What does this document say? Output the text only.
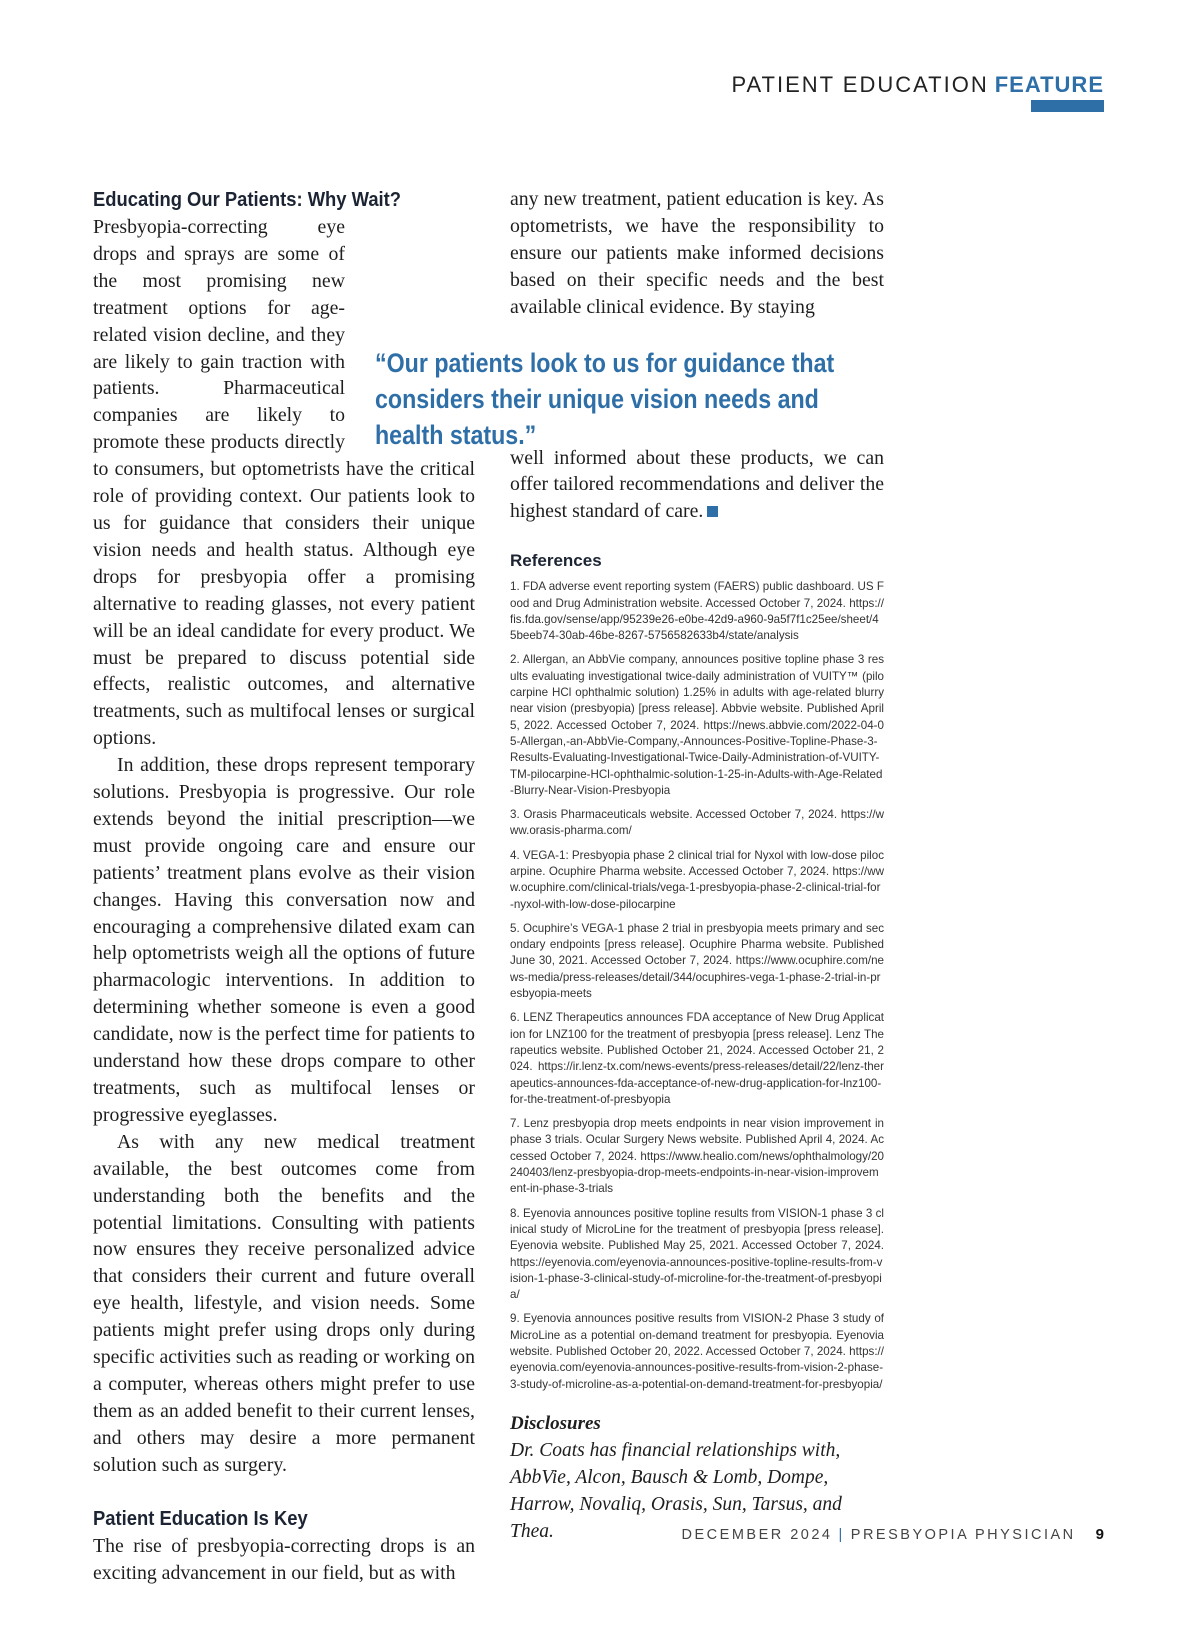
PATIENT EDUCATION FEATURE
Educating Our Patients: Why Wait?

Presbyopia-correcting eye drops and sprays are some of the most promising new treatment options for age-related vision decline, and they are likely to gain traction with patients. Pharmaceutical companies are likely to promote these products directly to consumers, but optometrists have the critical role of providing context. Our patients look to us for guidance that considers their unique vision needs and health status. Although eye drops for presbyopia offer a promising alternative to reading glasses, not every patient will be an ideal candidate for every product. We must be prepared to discuss potential side effects, realistic outcomes, and alternative treatments, such as multifocal lenses or surgical options.

In addition, these drops represent temporary solutions. Presbyopia is progressive. Our role extends beyond the initial prescription—we must provide ongoing care and ensure our patients’ treatment plans evolve as their vision changes. Having this conversation now and encouraging a comprehensive dilated exam can help optometrists weigh all the options of future pharmacologic interventions. In addition to determining whether someone is even a good candidate, now is the perfect time for patients to understand how these drops compare to other treatments, such as multifocal lenses or progressive eyeglasses.

As with any new medical treatment available, the best outcomes come from understanding both the benefits and the potential limitations. Consulting with patients now ensures they receive personalized advice that considers their current and future overall eye health, lifestyle, and vision needs. Some patients might prefer using drops only during specific activities such as reading or working on a computer, whereas others might prefer to use them as an added benefit to their current lenses, and others may desire a more permanent solution such as surgery.

Patient Education Is Key

The rise of presbyopia-correcting drops is an exciting advancement in our field, but as with

“Our patients look to us for guidance that considers their unique vision needs and health status.”

any new treatment, patient education is key. As optometrists, we have the responsibility to ensure our patients make informed decisions based on their specific needs and the best available clinical evidence. By staying

well informed about these products, we can offer tailored recommendations and deliver the highest standard of care.

References
1. FDA adverse event reporting system (FAERS) public dashboard. US Food and Drug Administration website. Accessed October 7, 2024. https://fis.fda.gov/sense/app/95239e26-e0be-42d9-a960-9a5f7f1c25ee/sheet/45beeb74-30ab-46be-8267-5756582633b4/state/analysis
2. Allergan, an AbbVie company, announces positive topline phase 3 results evaluating investigational twice-daily administration of VUITY™ (pilocarpine HCl ophthalmic solution) 1.25% in adults with age-related blurry near vision (presbyopia) [press release]. Abbvie website. Published April 5, 2022. Accessed October 7, 2024. https://news.abbvie.com/2022-04-05-Allergan,-an-AbbVie-Company,-Announces-Positive-Topline-Phase-3-Results-Evaluating-Investigational-Twice-Daily-Administration-of-VUITY-TM-pilocarpine-HCl-ophthalmic-solution-1-25-in-Adults-with-Age-Related-Blurry-Near-Vision-Presbyopia
3. Orasis Pharmaceuticals website. Accessed October 7, 2024. https://www.orasis-pharma.com/
4. VEGA-1: Presbyopia phase 2 clinical trial for Nyxol with low-dose pilocarpine. Ocuphire Pharma website. Accessed October 7, 2024. https://www.ocuphire.com/clinical-trials/vega-1-presbyopia-phase-2-clinical-trial-for-nyxol-with-low-dose-pilocarpine
5. Ocuphire’s VEGA-1 phase 2 trial in presbyopia meets primary and secondary endpoints [press release]. Ocuphire Pharma website. Published June 30, 2021. Accessed October 7, 2024. https://www.ocuphire.com/news-media/press-releases/detail/344/ocuphires-vega-1-phase-2-trial-in-presbyopia-meets
6. LENZ Therapeutics announces FDA acceptance of New Drug Application for LNZ100 for the treatment of presbyopia [press release]. Lenz Therapeutics website. Published October 21, 2024. Accessed October 21, 2024. https://ir.lenz-tx.com/news-events/press-releases/detail/22/lenz-therapeutics-announces-fda-acceptance-of-new-drug-application-for-lnz100-for-the-treatment-of-presbyopia
7. Lenz presbyopia drop meets endpoints in near vision improvement in phase 3 trials. Ocular Surgery News website. Published April 4, 2024. Accessed October 7, 2024. https://www.healio.com/news/ophthalmology/20240403/lenz-presbyopia-drop-meets-endpoints-in-near-vision-improvement-in-phase-3-trials
8. Eyenovia announces positive topline results from VISION-1 phase 3 clinical study of MicroLine for the treatment of presbyopia [press release]. Eyenovia website. Published May 25, 2021. Accessed October 7, 2024. https://eyenovia.com/eyenovia-announces-positive-topline-results-from-vision-1-phase-3-clinical-study-of-microline-for-the-treatment-of-presbyopia/
9. Eyenovia announces positive results from VISION-2 Phase 3 study of MicroLine as a potential on-demand treatment for presbyopia. Eyenovia website. Published October 20, 2022. Accessed October 7, 2024. https://eyenovia.com/eyenovia-announces-positive-results-from-vision-2-phase-3-study-of-microline-as-a-potential-on-demand-treatment-for-presbyopia/
Disclosures

Dr. Coats has financial relationships with, AbbVie, Alcon, Bausch & Lomb, Dompe, Harrow, Novaliq, Orasis, Sun, Tarsus, and Thea.	DECEMBER 2024 | PRESBYOPIA PHYSICIAN 9
